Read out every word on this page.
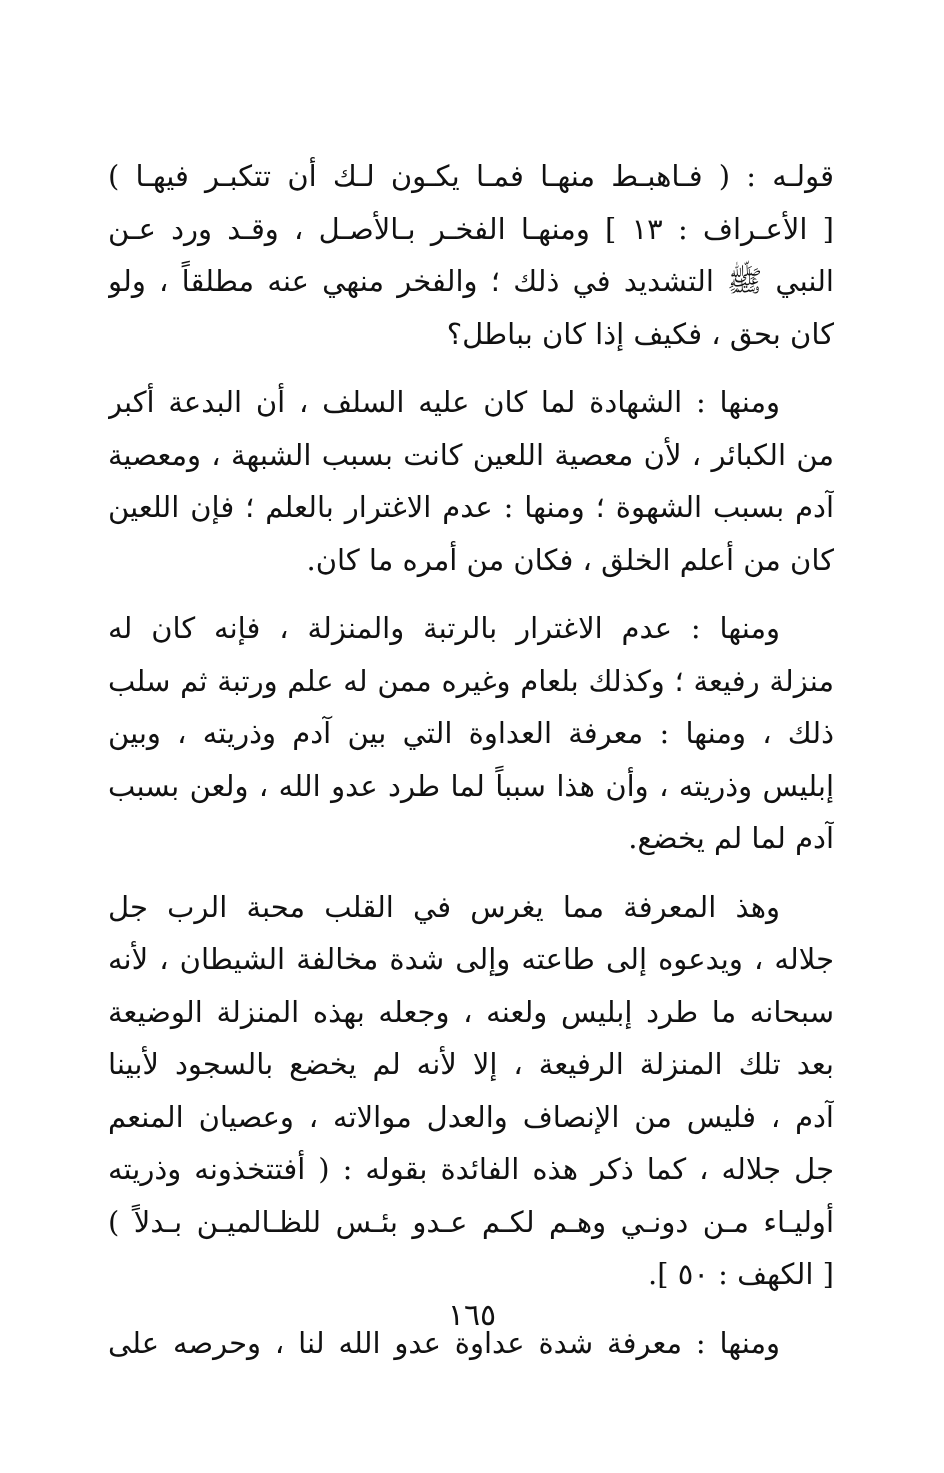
قولـه : ( فـاهبـط منهـا فمـا يكـون لـك أن تتكبـر فيهـا )
[ الأعـراف : ١٣ ] ومنهـا الفخـر بـالأصـل ، وقـد ورد عـن
النبي ﷺ التشديد في ذلك ؛ والفخر منهي عنه مطلقاً ، ولو
كان بحق ، فكيف إذا كان بباطل؟
ومنها : الشهادة لما كان عليه السلف ، أن البدعة أكبر
من الكبائر ، لأن معصية اللعين كانت بسبب الشبهة ، ومعصية
آدم بسبب الشهوة ؛ ومنها : عدم الاغترار بالعلم ؛ فإن اللعين
كان من أعلم الخلق ، فكان من أمره ما كان.
ومنها : عدم الاغترار بالرتبة والمنزلة ، فإنه كان له
منزلة رفيعة ؛ وكذلك بلعام وغيره ممن له علم ورتبة ثم سلب
ذلك ، ومنها : معرفة العداوة التي بين آدم وذريته ، وبين
إبليس وذريته ، وأن هذا سبباً لما طرد عدو الله ، ولعن بسبب
آدم لما لم يخضع.
وهذ المعرفة مما يغرس في القلب محبة الرب جل
جلاله ، ويدعوه إلى طاعته وإلى شدة مخالفة الشيطان ، لأنه
سبحانه ما طرد إبليس ولعنه ، وجعله بهذه المنزلة الوضيعة
بعد تلك المنزلة الرفيعة ، إلا لأنه لم يخضع بالسجود لأبينا
آدم ، فليس من الإنصاف والعدل موالاته ، وعصيان المنعم
جل جلاله ، كما ذكر هذه الفائدة بقوله : ( أفتتخذونه وذريته
أوليـاء مـن دونـي وهـم لكـم عـدو بئـس للظـالميـن بـدلاً )
[ الكهف : ٥٠ ].
ومنها : معرفة شدة عداوة عدو الله لنا ، وحرصه على
١٦٥
